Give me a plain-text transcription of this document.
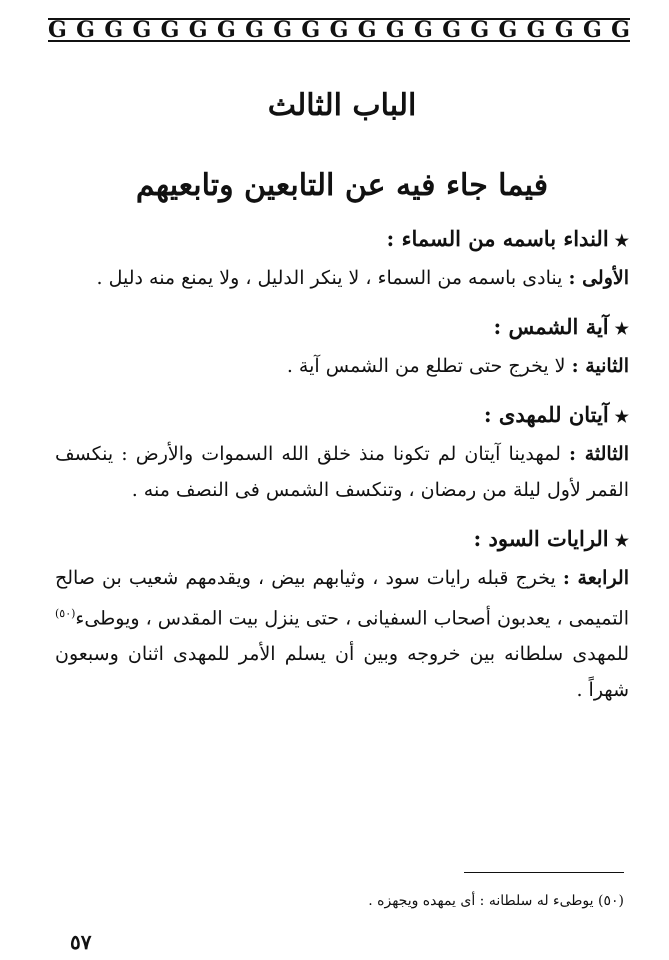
G G G G G G G G G G G G G G G G G G G G G
الباب الثالث
فيما جاء فيه عن التابعين وتابعيهم
★النداء باسمه من السماء :
الأولى : ينادى باسمه من السماء ، لا ينكر الدليل ، ولا يمنع منه دليل .
★آية الشمس :
الثانية : لا يخرج حتى تطلع من الشمس آية .
★آيتان للمهدى :
الثالثة : لمهدينا آيتان لم تكونا منذ خلق الله السموات والأرض : ينكسف القمر لأول ليلة من رمضان ، وتنكسف الشمس فى النصف منه .
★الرايات السود :
الرابعة : يخرج قبله رايات سود ، وثيابهم بيض ، ويقدمهم شعيب بن صالح التميمى ، يعدبون أصحاب السفيانى ، حتى ينزل بيت المقدس ، ويوطىء$^{(٥٠)}$ للمهدى سلطانه بين خروجه وبين أن يسلم الأمر للمهدى اثنان وسبعون شهراً .
(٥٠) يوطىء له سلطانه : أى يمهده ويجهزه .
٥٧
